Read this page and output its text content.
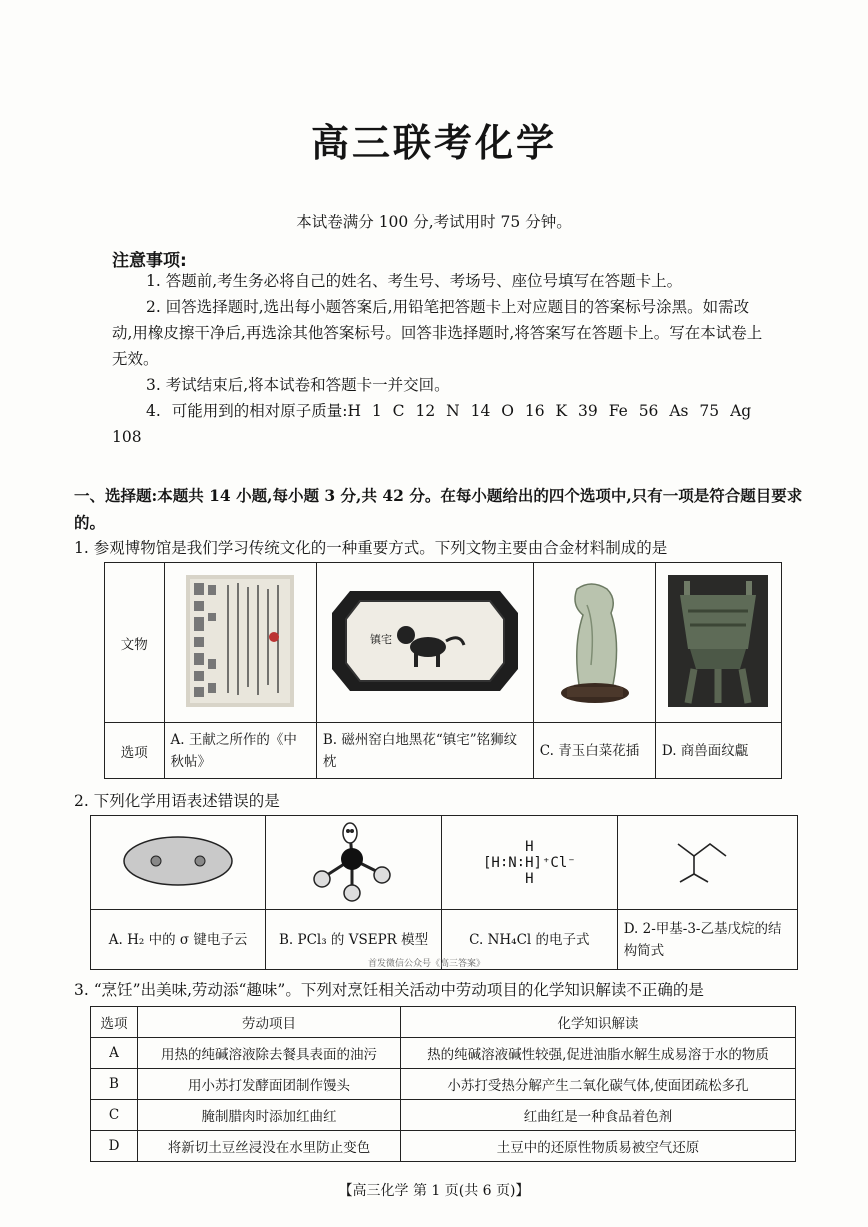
高三联考化学
本试卷满分 100 分,考试用时 75 分钟。
注意事项:
1. 答题前,考生务必将自己的姓名、考生号、考场号、座位号填写在答题卡上。
2. 回答选择题时,选出每小题答案后,用铅笔把答题卡上对应题目的答案标号涂黑。如需改动,用橡皮擦干净后,再选涂其他答案标号。回答非选择题时,将答案写在答题卡上。写在本试卷上无效。
3. 考试结束后,将本试卷和答题卡一并交回。
4. 可能用到的相对原子质量:H 1 C 12 N 14 O 16 K 39 Fe 56 As 75 Ag 108
一、选择题:本题共 14 小题,每小题 3 分,共 42 分。在每小题给出的四个选项中,只有一项是符合题目要求的。
1. 参观博物馆是我们学习传统文化的一种重要方式。下列文物主要由合金材料制成的是
文物		镇宅

选项	A. 王献之所作的《中秋帖》	B. 磁州窑白地黑花“镇宅”铭狮纹枕	C. 青玉白菜花插	D. 商兽面纹甗
2. 下列化学用语表述错误的是

H
[H∶N∶H]⁺Cl⁻
H

A. H₂ 中的 σ 键电子云	B. PCl₃ 的 VSEPR 模型	C. NH₄Cl 的电子式	D. 2-甲基-3-乙基戊烷的结构简式
首发微信公众号《高三答案》
3. “烹饪”出美味,劳动添“趣味”。下列对烹饪相关活动中劳动项目的化学知识解读不正确的是
选项	劳动项目	化学知识解读
A	用热的纯碱溶液除去餐具表面的油污	热的纯碱溶液碱性较强,促进油脂水解生成易溶于水的物质
B	用小苏打发酵面团制作馒头	小苏打受热分解产生二氧化碳气体,使面团疏松多孔
C	腌制腊肉时添加红曲红	红曲红是一种食品着色剂
D	将新切土豆丝浸没在水里防止变色	土豆中的还原性物质易被空气还原
【高三化学 第 1 页(共 6 页)】
